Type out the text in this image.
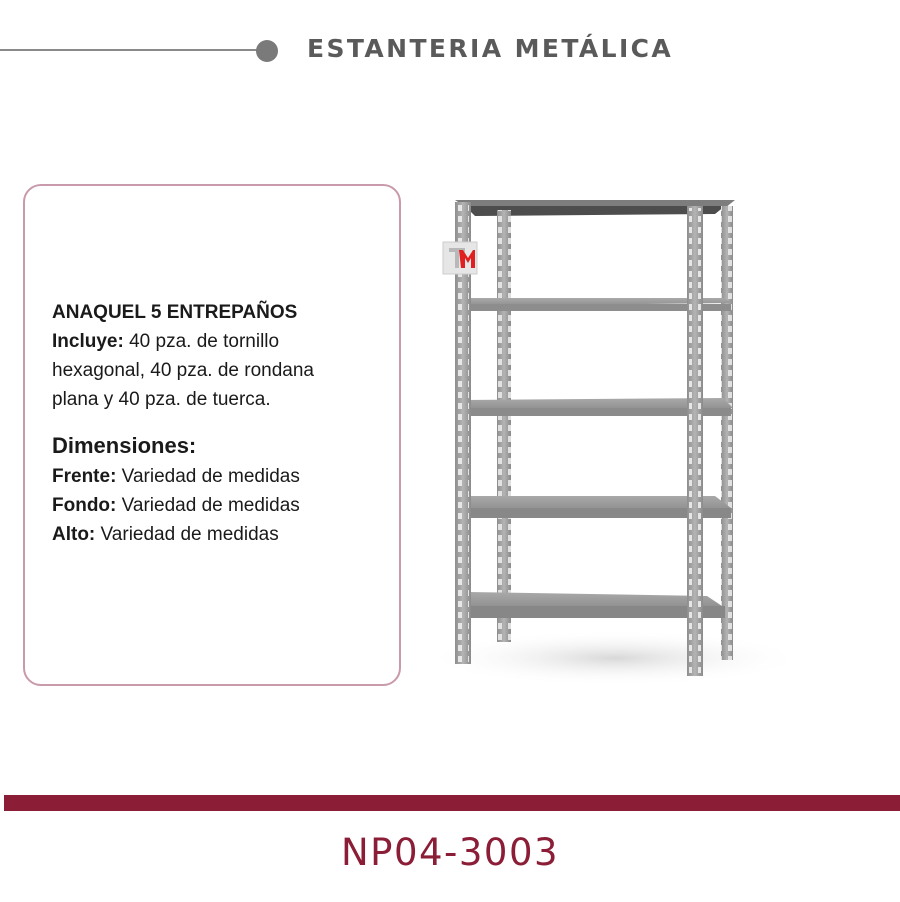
ESTANTERIA METÁLICA
ANAQUEL 5 ENTREPAÑOS
Incluye: 40 pza. de tornillo
hexagonal, 40 pza. de rondana
plana y 40 pza. de tuerca.
Dimensiones:
Frente: Variedad de medidas
Fondo: Variedad de medidas
Alto: Variedad de medidas
NP04-3003
